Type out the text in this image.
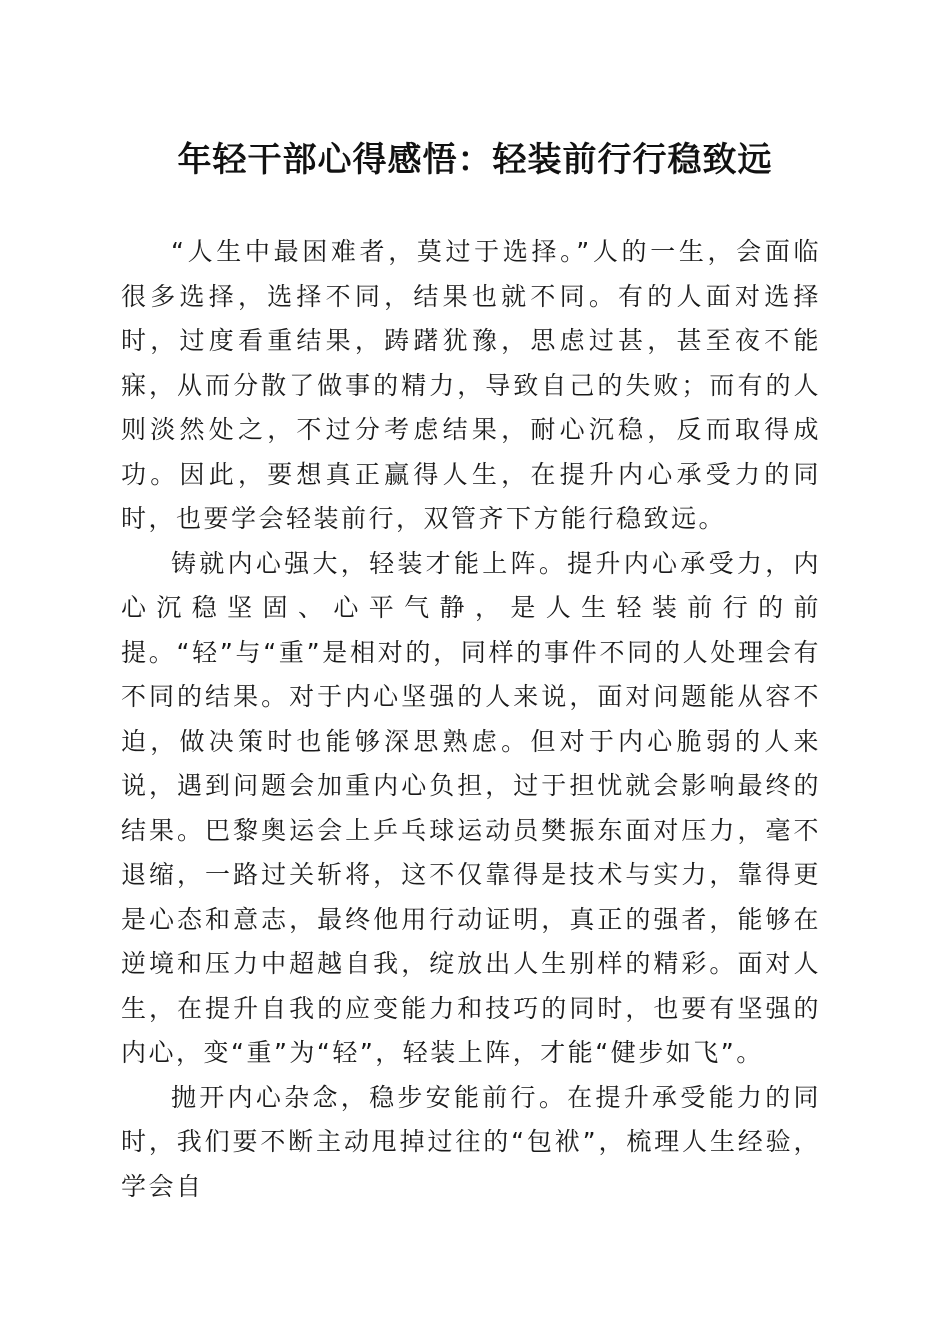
年轻干部心得感悟：轻装前行行稳致远

“人生中最困难者，莫过于选择。”人的一生，会面临很多选择，选择不同，结果也就不同。有的人面对选择时，过度看重结果，踌躇犹豫，思虑过甚，甚至夜不能寐，从而分散了做事的精力，导致自己的失败；而有的人则淡然处之，不过分考虑结果，耐心沉稳，反而取得成功。因此，要想真正赢得人生，在提升内心承受力的同时，也要学会轻装前行，双管齐下方能行稳致远。

铸就内心强大，轻装才能上阵。提升内心承受力，内心沉稳坚固、心平气静，是人生轻装前行的前提。“轻”与“重”是相对的，同样的事件不同的人处理会有不同的结果。对于内心坚强的人来说，面对问题能从容不迫，做决策时也能够深思熟虑。但对于内心脆弱的人来说，遇到问题会加重内心负担，过于担忧就会影响最终的结果。巴黎奥运会上乒乓球运动员樊振东面对压力，毫不退缩，一路过关斩将，这不仅靠得是技术与实力，靠得更是心态和意志，最终他用行动证明，真正的强者，能够在逆境和压力中超越自我，绽放出人生别样的精彩。面对人生，在提升自我的应变能力和技巧的同时，也要有坚强的内心，变“重”为“轻”，轻装上阵，才能“健步如飞”。

抛开内心杂念，稳步安能前行。在提升承受能力的同时，我们要不断主动甩掉过往的“包袱”，梳理人生经验，学会自
